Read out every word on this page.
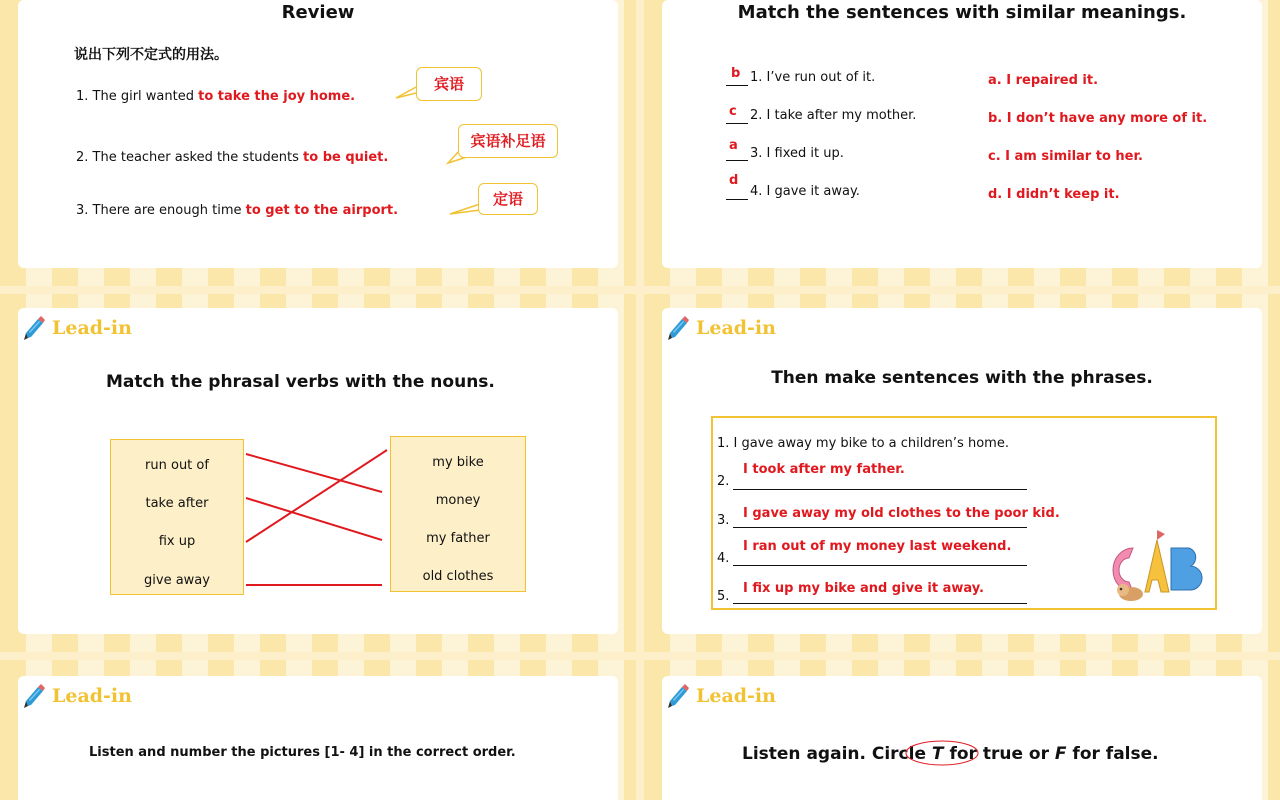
Review
说出下列不定式的用法。
1. The girl wanted to take the joy home.
2. The teacher asked the students to be quiet.
3. There are enough time to get to the airport.
宾语
宾语补足语
定语
Match the sentences with similar meanings.
b 1. I’ve run out of it.
c 2. I take after my mother.
a
3. I fixed it up.
d
4. I gave it away.
a. I repaired it.
b. I don’t have any more of it.
c. I am similar to her.
d. I didn’t keep it.
Lead-in
Match the phrasal verbs with the nouns.
run out of
take after
fix up
give away
my bike
money
my father
old clothes
Lead-in
Then make sentences with the phrases.
1. I gave away my bike to a children’s home.
2.
I took after my father.
3. I gave away my old clothes to the poor kid.
4.
I ran out of my money last weekend.
5.
I fix up my bike and give it away.
Lead-in
Listen and number the pictures [1- 4] in the correct order.
Lead-in
Listen again. Circle T for true or F for false.
